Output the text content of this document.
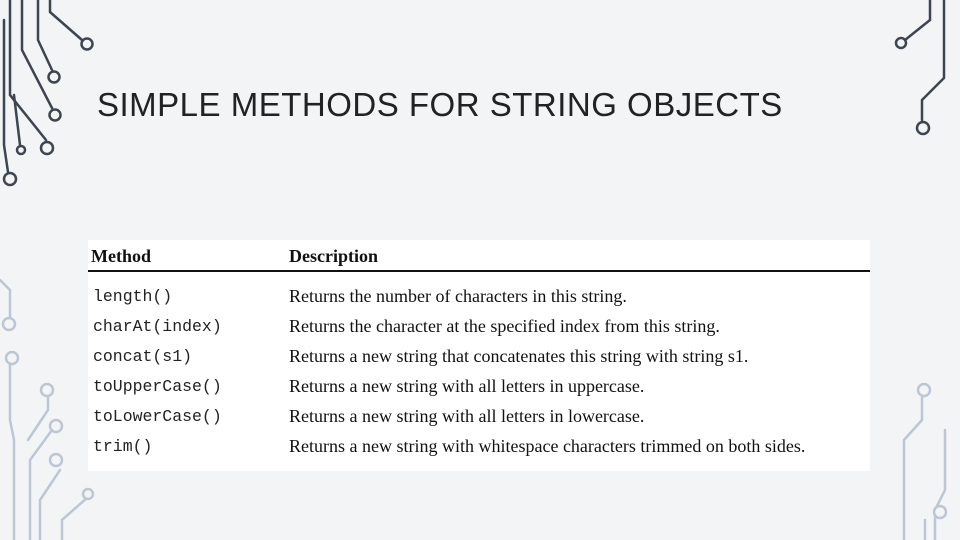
SIMPLE METHODS FOR STRING OBJECTS
Method	Description
length()	Returns the number of characters in this string.
charAt(index)	Returns the character at the specified index from this string.
concat(s1)	Returns a new string that concatenates this string with string s1.
toUpperCase()	Returns a new string with all letters in uppercase.
toLowerCase()	Returns a new string with all letters in lowercase.
trim()	Returns a new string with whitespace characters trimmed on both sides.
